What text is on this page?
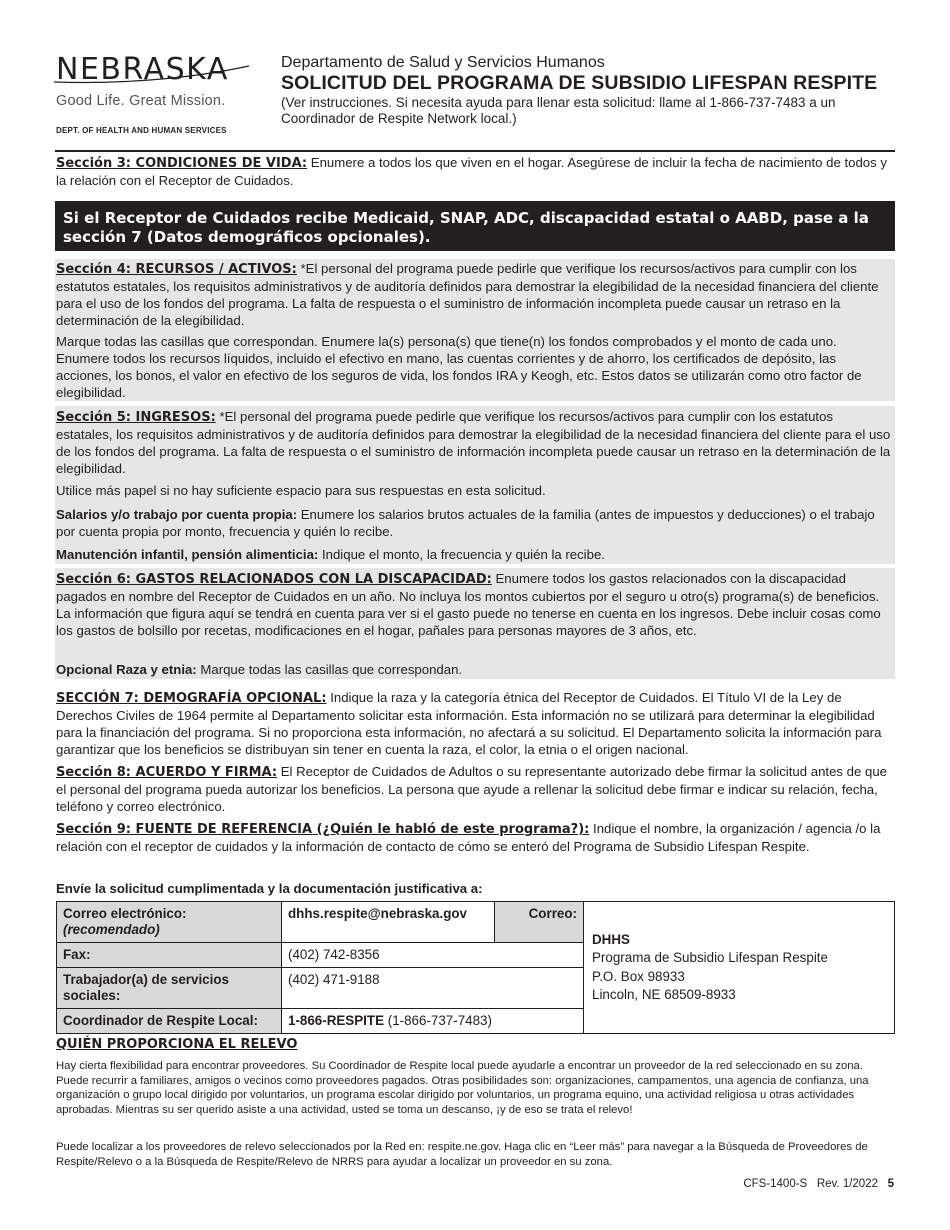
NEBRASKA
Good Life. Great Mission.
DEPT. OF HEALTH AND HUMAN SERVICES
Departamento de Salud y Servicios Humanos
SOLICITUD DEL PROGRAMA DE SUBSIDIO LIFESPAN RESPITE
(Ver instrucciones. Si necesita ayuda para llenar esta solicitud: llame al 1-866-737-7483 a un Coordinador de Respite Network local.)
Sección 3: CONDICIONES DE VIDA: Enumere a todos los que viven en el hogar. Asegúrese de incluir la fecha de nacimiento de todos y la relación con el Receptor de Cuidados.
Si el Receptor de Cuidados recibe Medicaid, SNAP, ADC, discapacidad estatal o AABD, pase a la sección 7 (Datos demográficos opcionales).
Sección 4: RECURSOS / ACTIVOS: *El personal del programa puede pedirle que verifique los recursos/activos para cumplir con los estatutos estatales, los requisitos administrativos y de auditoría definidos para demostrar la elegibilidad de la necesidad financiera del cliente para el uso de los fondos del programa. La falta de respuesta o el suministro de información incompleta puede causar un retraso en la determinación de la elegibilidad.
Marque todas las casillas que correspondan. Enumere la(s) persona(s) que tiene(n) los fondos comprobados y el monto de cada uno. Enumere todos los recursos líquidos, incluido el efectivo en mano, las cuentas corrientes y de ahorro, los certificados de depósito, las acciones, los bonos, el valor en efectivo de los seguros de vida, los fondos IRA y Keogh, etc. Estos datos se utilizarán como otro factor de elegibilidad.
Sección 5: INGRESOS: *El personal del programa puede pedirle que verifique los recursos/activos para cumplir con los estatutos estatales, los requisitos administrativos y de auditoría definidos para demostrar la elegibilidad de la necesidad financiera del cliente para el uso de los fondos del programa. La falta de respuesta o el suministro de información incompleta puede causar un retraso en la determinación de la elegibilidad.
Utilice más papel si no hay suficiente espacio para sus respuestas en esta solicitud.
Salarios y/o trabajo por cuenta propia: Enumere los salarios brutos actuales de la familia (antes de impuestos y deducciones) o el trabajo por cuenta propia por monto, frecuencia y quién lo recibe.
Manutención infantil, pensión alimenticia: Indique el monto, la frecuencia y quién la recibe.
Sección 6: GASTOS RELACIONADOS CON LA DISCAPACIDAD: Enumere todos los gastos relacionados con la discapacidad pagados en nombre del Receptor de Cuidados en un año. No incluya los montos cubiertos por el seguro u otro(s) programa(s) de beneficios. La información que figura aquí se tendrá en cuenta para ver si el gasto puede no tenerse en cuenta en los ingresos. Debe incluir cosas como los gastos de bolsillo por recetas, modificaciones en el hogar, pañales para personas mayores de 3 años, etc.
Opcional Raza y etnia: Marque todas las casillas que correspondan.
SECCIÓN 7: DEMOGRAFÍA OPCIONAL: Indique la raza y la categoría étnica del Receptor de Cuidados. El Título VI de la Ley de Derechos Civiles de 1964 permite al Departamento solicitar esta información. Esta información no se utilizará para determinar la elegibilidad para la financiación del programa. Si no proporciona esta información, no afectará a su solicitud. El Departamento solicita la información para garantizar que los beneficios se distribuyan sin tener en cuenta la raza, el color, la etnia o el origen nacional.
Sección 8: ACUERDO Y FIRMA: El Receptor de Cuidados de Adultos o su representante autorizado debe firmar la solicitud antes de que el personal del programa pueda autorizar los beneficios. La persona que ayude a rellenar la solicitud debe firmar e indicar su relación, fecha, teléfono y correo electrónico.
Sección 9: FUENTE DE REFERENCIA (¿Quién le habló de este programa?): Indique el nombre, la organización / agencia /o la relación con el receptor de cuidados y la información de contacto de cómo se enteró del Programa de Subsidio Lifespan Respite.
Envíe la solicitud cumplimentada y la documentación justificativa a:
Correo electrónico:
(recomendado)	dhhs.respite@nebraska.gov	Correo:	DHHS
Programa de Subsidio Lifespan Respite
P.O. Box 98933
Lincoln, NE 68509-8933
Fax:	(402) 742-8356		
Trabajador(a) de servicios sociales:	(402) 471-9188		
Coordinador de Respite Local:	1-866-RESPITE (1-866-737-7483)		
QUIÉN PROPORCIONA EL RELEVO
Hay cierta flexibilidad para encontrar proveedores. Su Coordinador de Respite local puede ayudarle a encontrar un proveedor de la red seleccionado en su zona. Puede recurrir a familiares, amigos o vecinos como proveedores pagados. Otras posibilidades son: organizaciones, campamentos, una agencia de confianza, una organización o grupo local dirigido por voluntarios, un programa escolar dirigido por voluntarios, un programa equino, una actividad religiosa u otras actividades aprobadas. Mientras su ser querido asiste a una actividad, usted se toma un descanso, ¡y de eso se trata el relevo!
Puede localizar a los proveedores de relevo seleccionados por la Red en: respite.ne.gov. Haga clic en “Leer más” para navegar a la Búsqueda de Proveedores de Respite/Relevo o a la Búsqueda de Respite/Relevo de NRRS para ayudar a localizar un proveedor en su zona.
CFS-1400-S Rev. 1/2022 5
